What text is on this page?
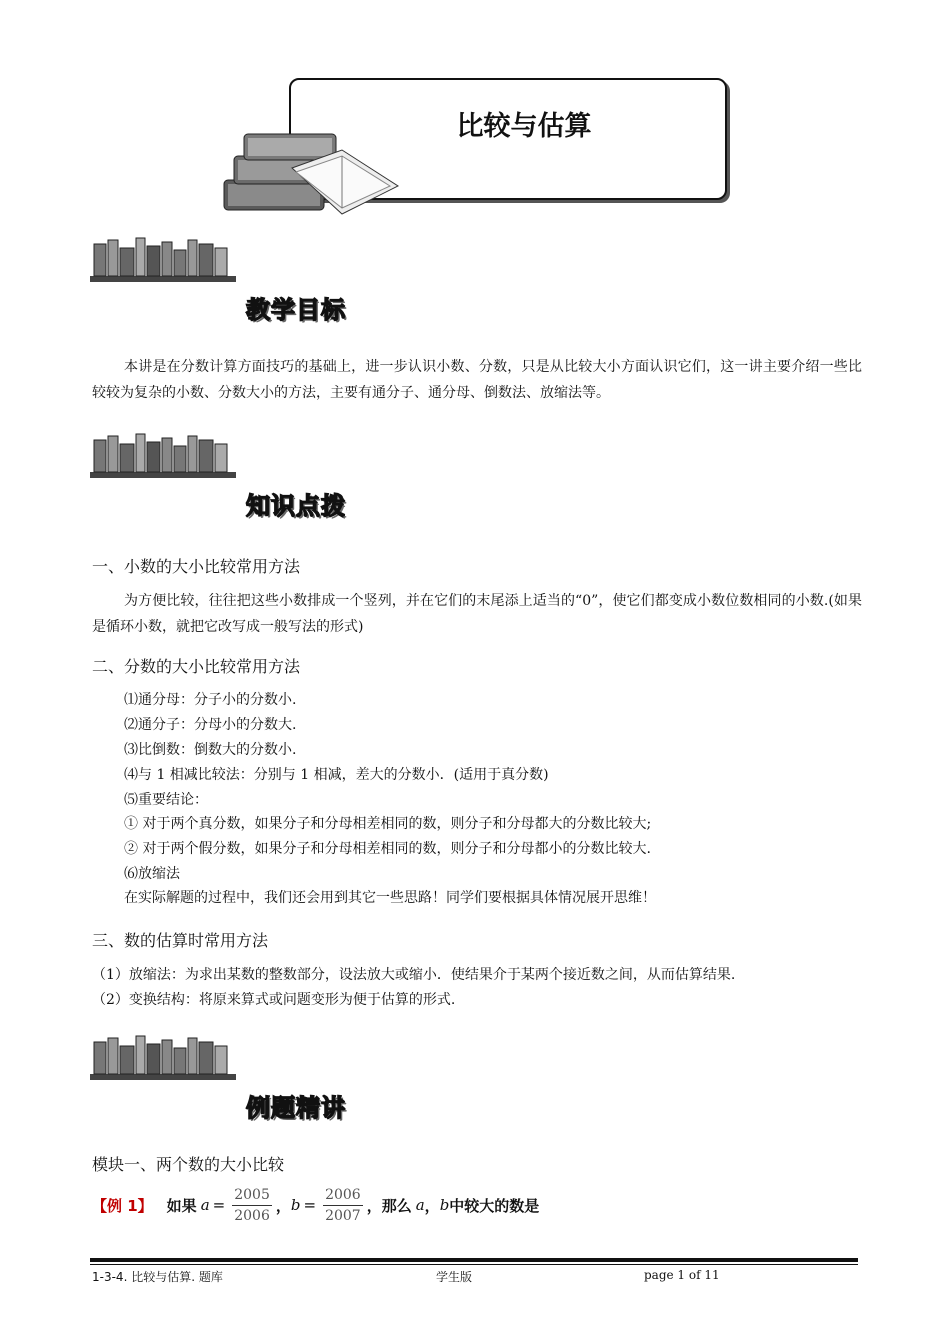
比较与估算
教学目标
本讲是在分数计算方面技巧的基础上，进一步认识小数、分数，只是从比较大小方面认识它们，这一讲主要介绍一些比较较为复杂的小数、分数大小的方法，主要有通分子、通分母、倒数法、放缩法等。
知识点拨
一、小数的大小比较常用方法
为方便比较，往往把这些小数排成一个竖列，并在它们的末尾添上适当的“0”，使它们都变成小数位数相同的小数.(如果是循环小数，就把它改写成一般写法的形式)
二、分数的大小比较常用方法
⑴通分母：分子小的分数小.
⑵通分子：分母小的分数大.
⑶比倒数：倒数大的分数小.
⑷与 1 相减比较法：分别与 1 相减，差大的分数小．(适用于真分数)
⑸重要结论：
① 对于两个真分数，如果分子和分母相差相同的数，则分子和分母都大的分数比较大;
② 对于两个假分数，如果分子和分母相差相同的数，则分子和分母都小的分数比较大.
⑹放缩法
在实际解题的过程中，我们还会用到其它一些思路！同学们要根据具体情况展开思维！
三、数的估算时常用方法
（1）放缩法：为求出某数的整数部分，设法放大或缩小．使结果介于某两个接近数之间，从而估算结果.
（2）变换结构：将原来算式或问题变形为便于估算的形式.
例题精讲
模块一、两个数的大小比较
【例 1】 如果 $a = \frac{2005}{2006}$ ， $b = \frac{2006}{2007}$ ，那么 a ， b 中较大的数是
1-3-4. 比较与估算. 题库	学生版	page 1 of 11
